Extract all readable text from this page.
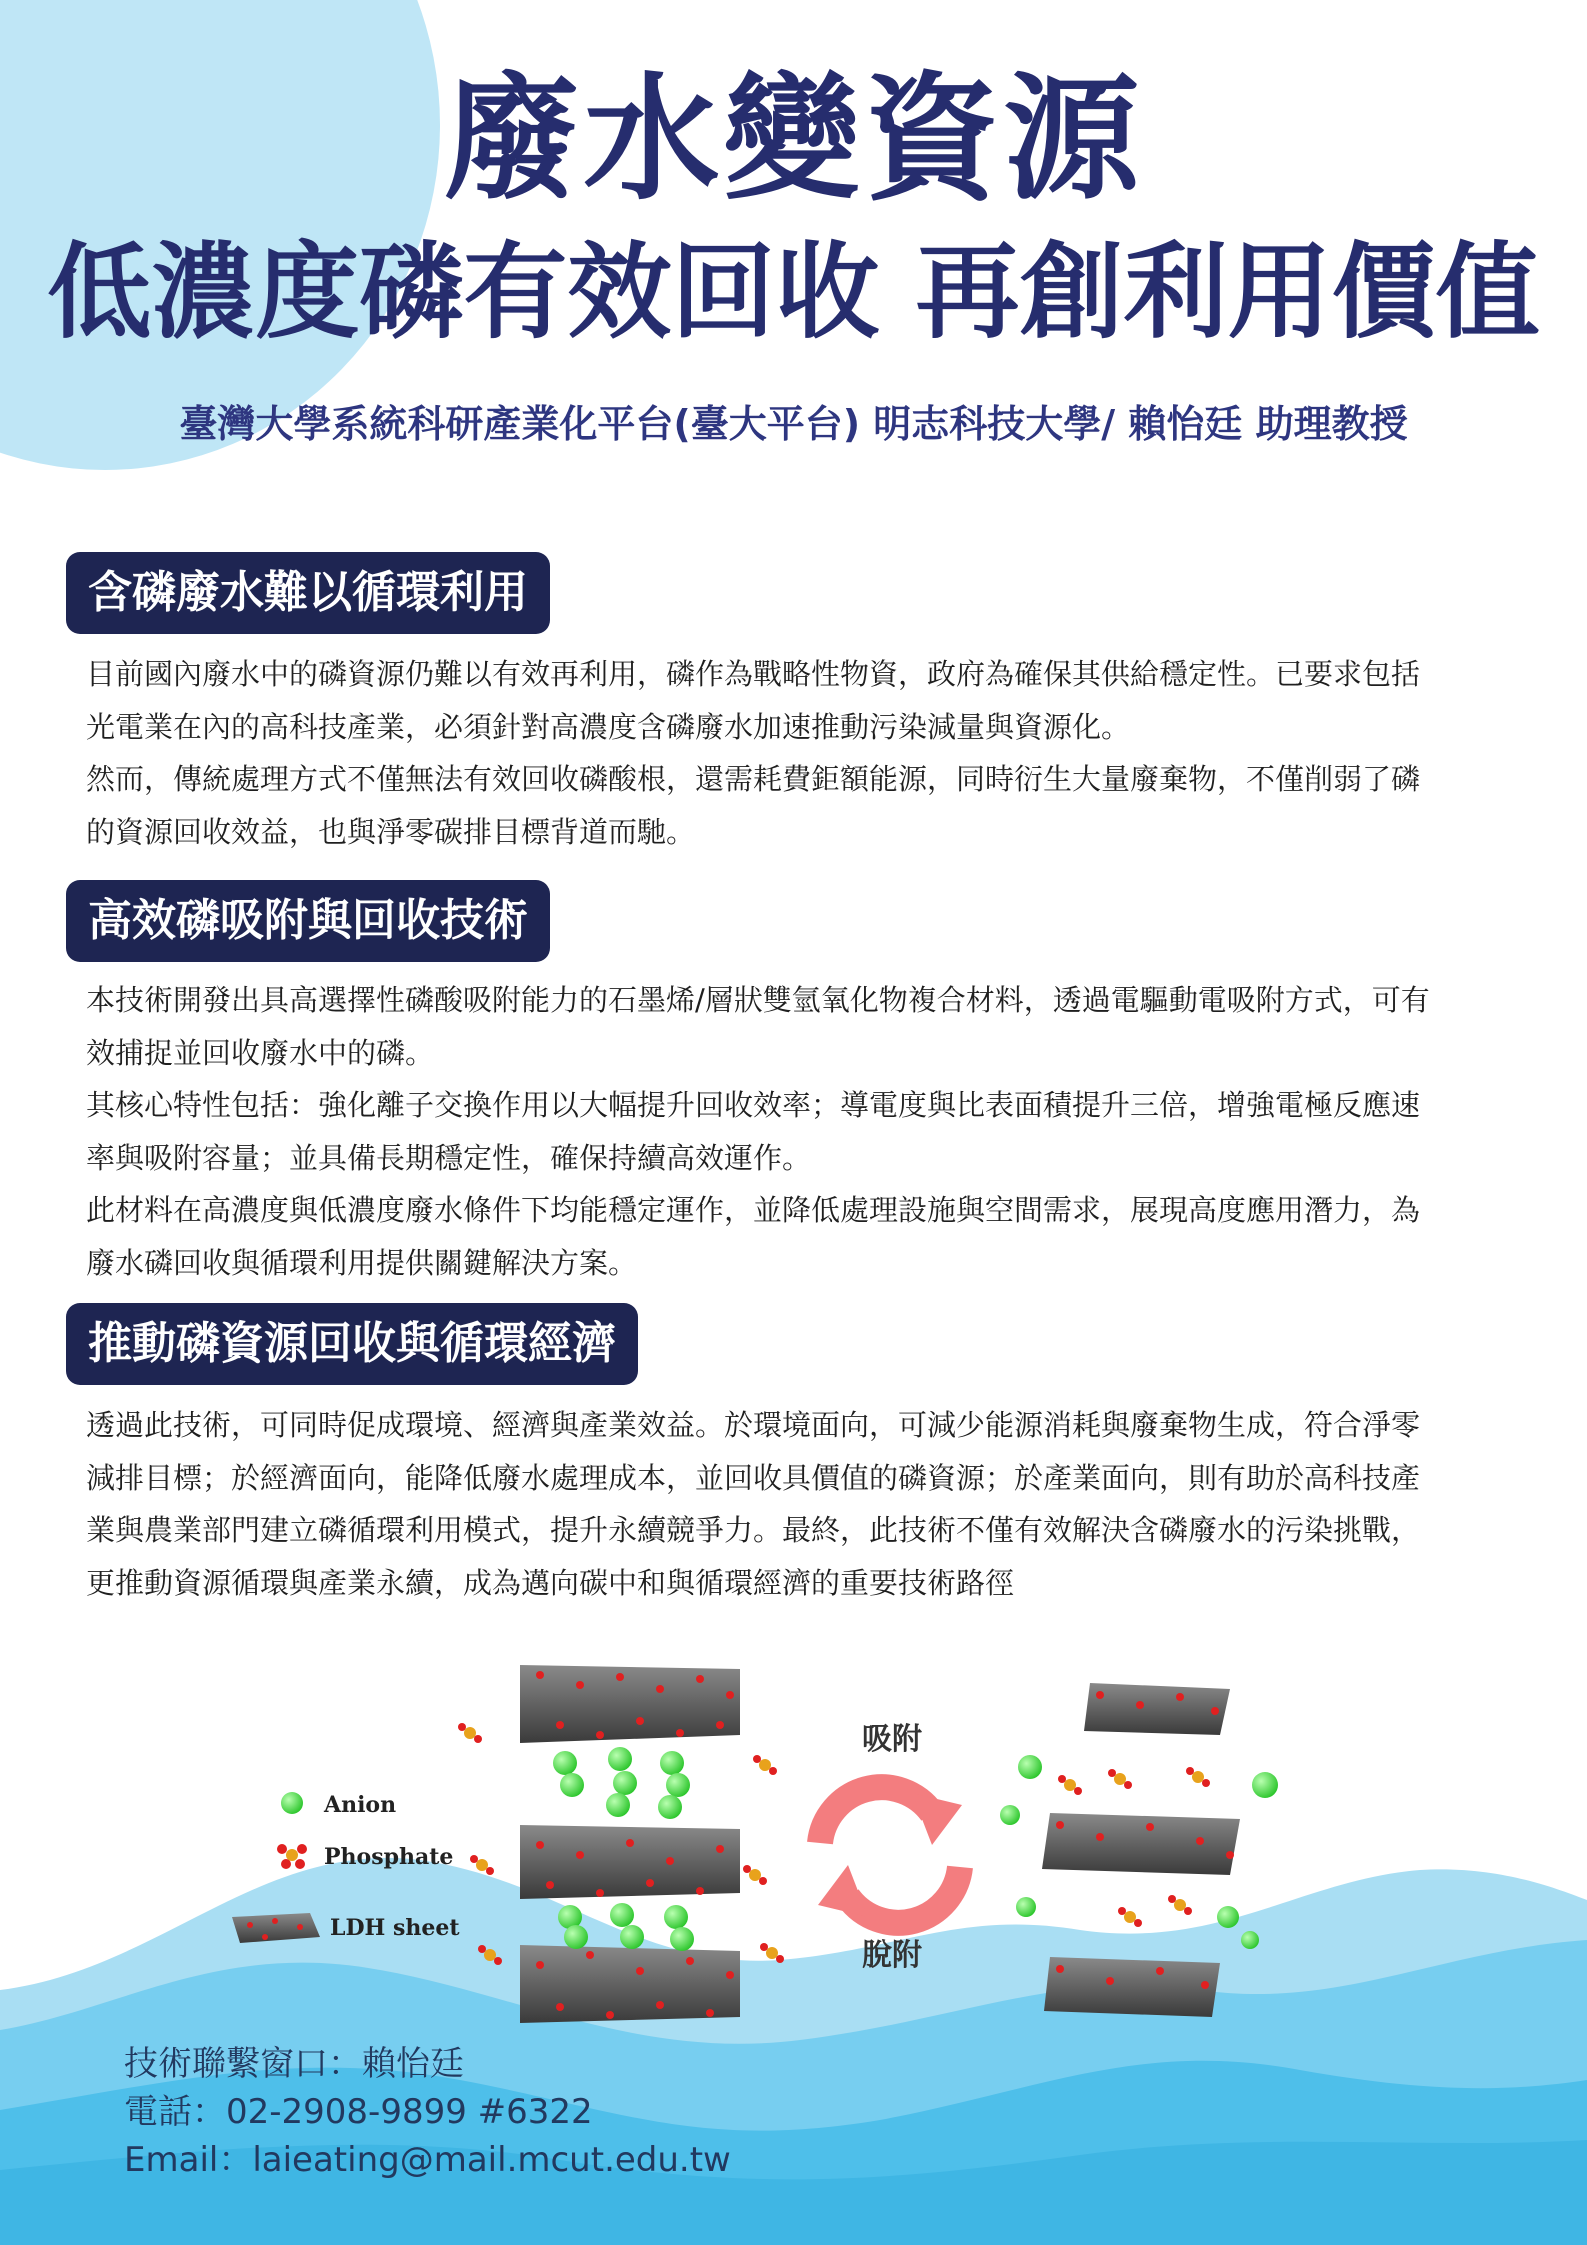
廢水變資源
低濃度磷有效回收 再創利用價值
臺灣大學系統科研產業化平台(臺大平台) 明志科技大學/ 賴怡廷 助理教授
含磷廢水難以循環利用

目前國內廢水中的磷資源仍難以有效再利用，磷作為戰略性物資，政府為確保其供給穩定性。已要求包括光電業在內的高科技產業，必須針對高濃度含磷廢水加速推動污染減量與資源化。

然而，傳統處理方式不僅無法有效回收磷酸根，還需耗費鉅額能源，同時衍生大量廢棄物，不僅削弱了磷的資源回收效益，也與淨零碳排目標背道而馳。

高效磷吸附與回收技術

本技術開發出具高選擇性磷酸吸附能力的石墨烯/層狀雙氫氧化物複合材料，透過電驅動電吸附方式，可有效捕捉並回收廢水中的磷。

其核心特性包括：強化離子交換作用以大幅提升回收效率；導電度與比表面積提升三倍，增強電極反應速率與吸附容量；並具備長期穩定性，確保持續高效運作。

此材料在高濃度與低濃度廢水條件下均能穩定運作，並降低處理設施與空間需求，展現高度應用潛力，為廢水磷回收與循環利用提供關鍵解決方案。

推動磷資源回收與循環經濟

透過此技術，可同時促成環境、經濟與產業效益。於環境面向，可減少能源消耗與廢棄物生成，符合淨零減排目標；於經濟面向，能降低廢水處理成本，並回收具價值的磷資源；於產業面向，則有助於高科技產業與農業部門建立磷循環利用模式，提升永續競爭力。最終，此技術不僅有效解決含磷廢水的污染挑戰，更推動資源循環與產業永續，成為邁向碳中和與循環經濟的重要技術路徑

Anion
Phosphate
LDH sheet
吸附
脫附
技術聯繫窗口：賴怡廷
電話：02-2908-9899 #6322
Email：laieating@mail.mcut.edu.tw
